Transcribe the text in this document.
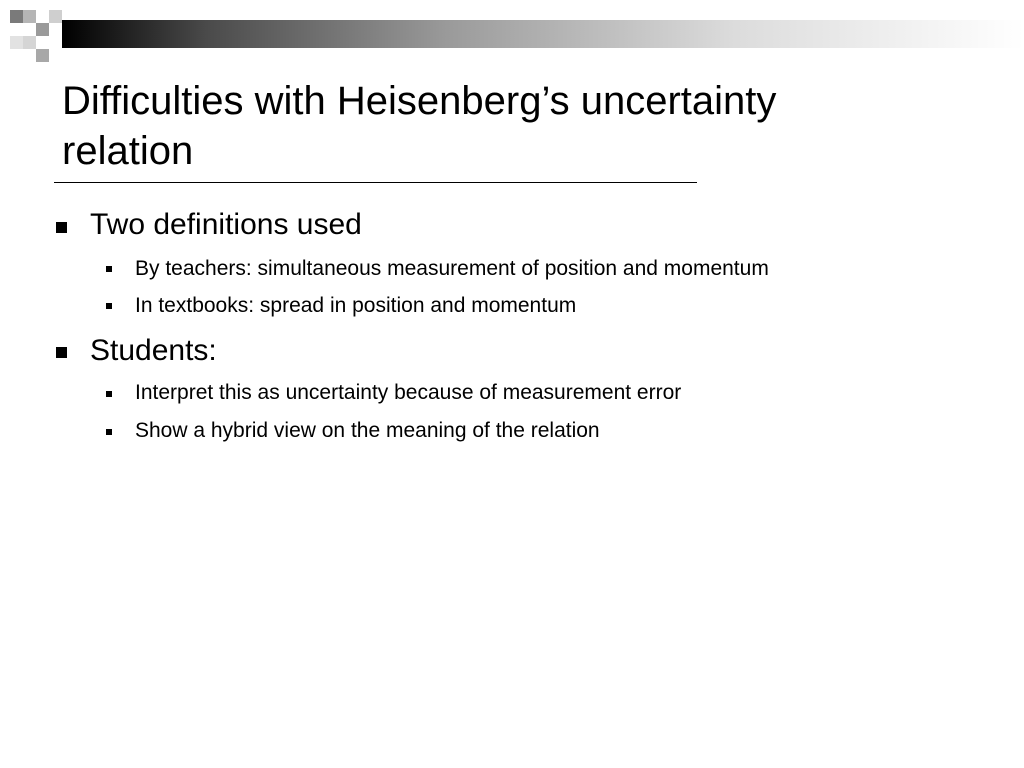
Difficulties with Heisenberg’s uncertainty
relation
Two definitions used
By teachers: simultaneous measurement of position and momentum
In textbooks: spread in position and momentum
Students:
Interpret this as uncertainty because of measurement error
Show a hybrid view on the meaning of the relation
